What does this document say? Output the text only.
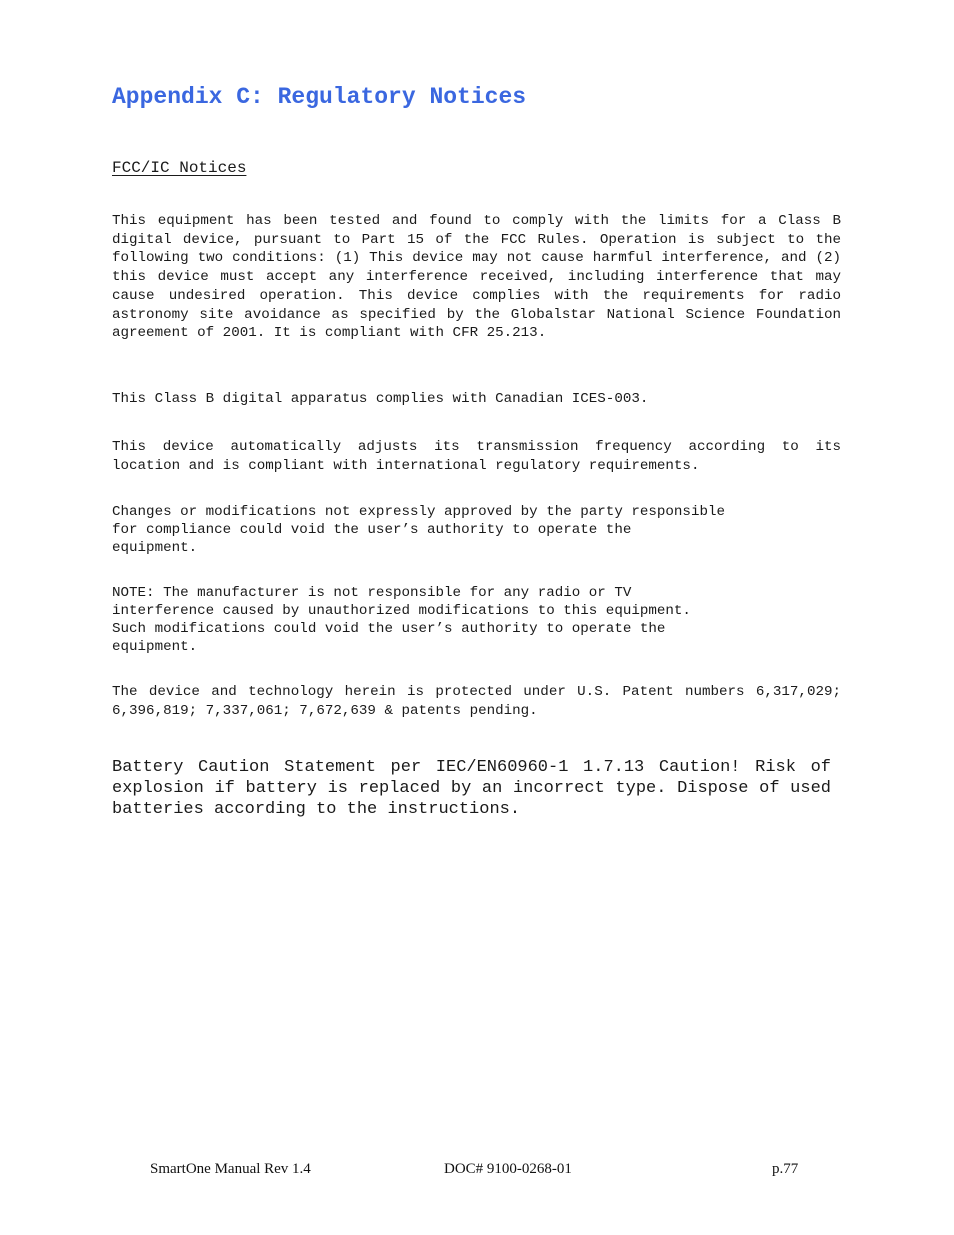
Appendix C: Regulatory Notices
FCC/IC Notices

This equipment has been tested and found to comply with the limits for a Class B digital device, pursuant to Part 15 of the FCC Rules. Operation is subject to the following two conditions: (1) This device may not cause harmful interference, and (2) this device must accept any interference received, including interference that may cause undesired operation. This device complies with the requirements for radio astronomy site avoidance as specified by the Globalstar National Science Foundation agreement of 2001. It is compliant with CFR 25.213.

This Class B digital apparatus complies with Canadian ICES-003.

This device automatically adjusts its transmission frequency according to its location and is compliant with international regulatory requirements.

Changes or modifications not expressly approved by the party responsible
for compliance could void the user’s authority to operate the
equipment.

NOTE: The manufacturer is not responsible for any radio or TV
interference caused by unauthorized modifications to this equipment.
Such modifications could void the user’s authority to operate the
equipment.

The device and technology herein is protected under U.S. Patent numbers 6,317,029; 6,396,819; 7,337,061; 7,672,639 & patents pending.

Battery Caution Statement per IEC/EN60960-1 1.7.13 Caution! Risk of explosion if battery is replaced by an incorrect type. Dispose of used batteries according to the instructions.

SmartOne Manual Rev 1.4	DOC# 9100-0268-01	p.77
